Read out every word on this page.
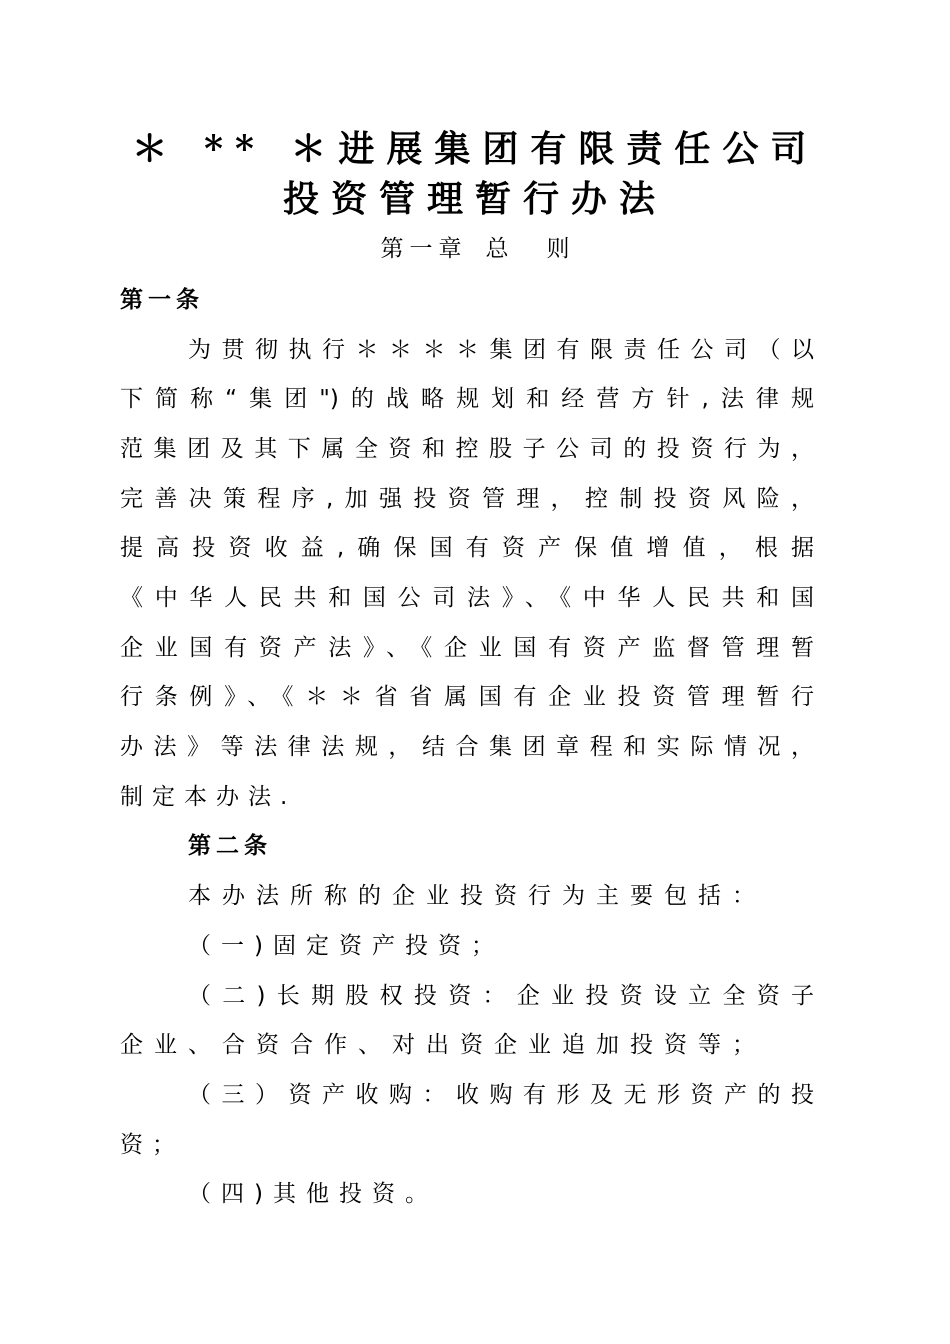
＊ ** ＊进展集团有限责任公司
投资管理暂行办法
第一章 总 则
第一条
为贯彻执行＊＊＊＊集团有限责任公司（以
下简称“集团")的战略规划和经营方针,法律规
范集团及其下属全资和控股子公司的投资行为，
完善决策程序,加强投资管理，控制投资风险，
提高投资收益,确保国有资产保值增值，根据
《中华人民共和国公司法》、《中华人民共和国
企业国有资产法》、《企业国有资产监督管理暂
行条例》、《＊＊省省属国有企业投资管理暂行
办法》等法律法规，结合集团章程和实际情况，
制定本办法.
第二条
本办法所称的企业投资行为主要包括：
（一)固定资产投资；
（二)长期股权投资：企业投资设立全资子
企业、合资合作、对出资企业追加投资等；
（三）资产收购：收购有形及无形资产的投
资；
（四)其他投资。
